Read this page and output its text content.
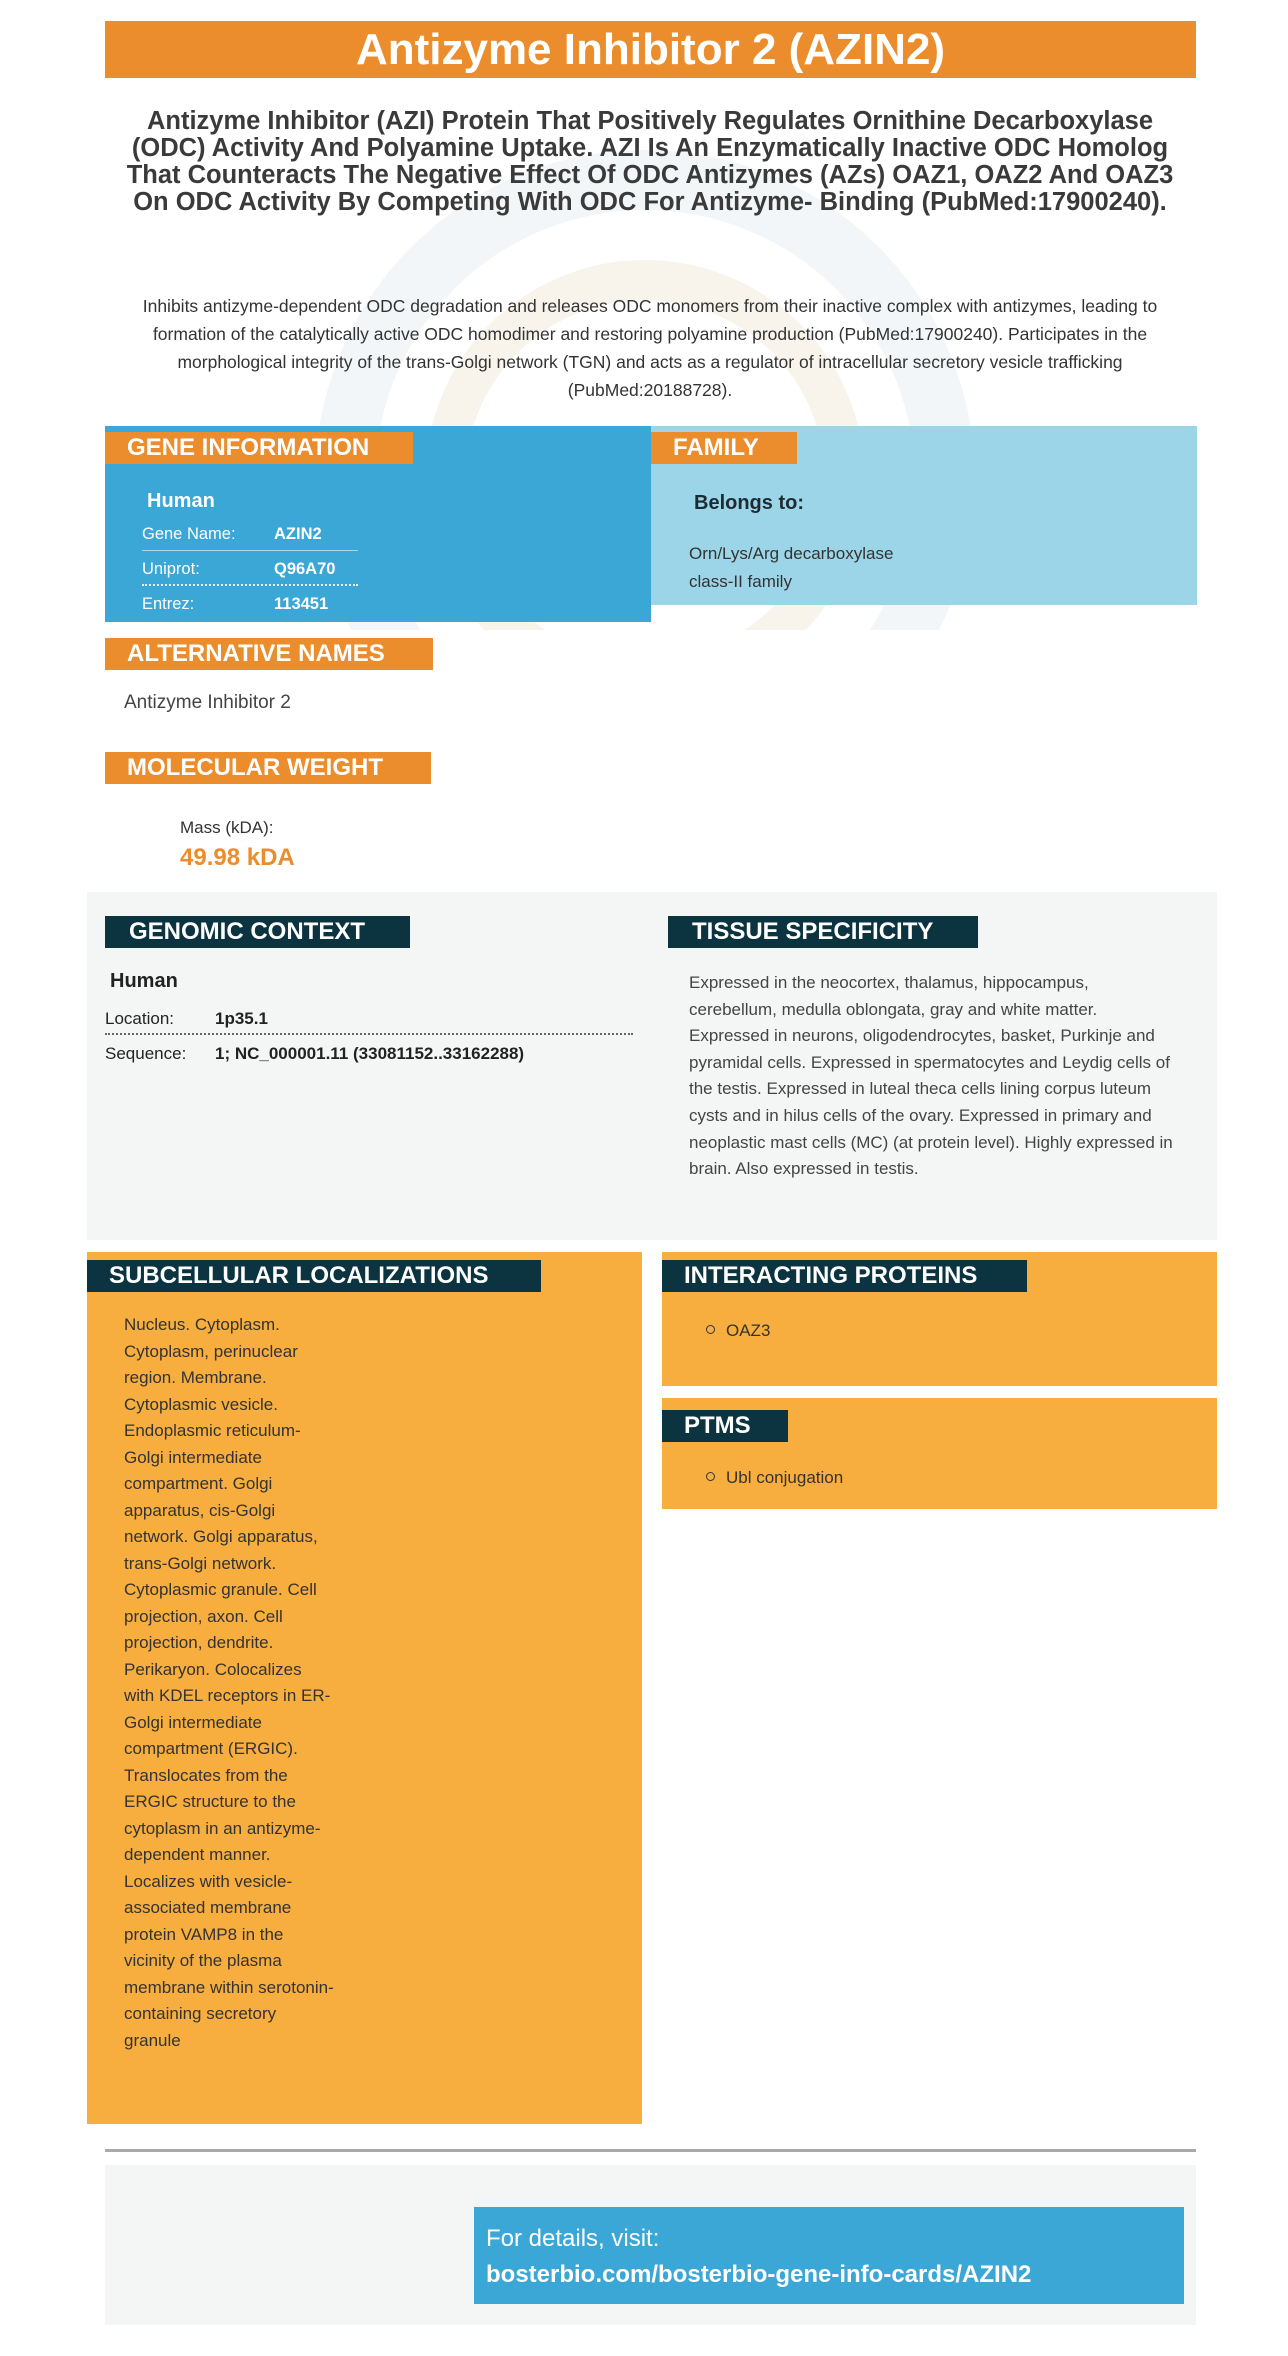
Antizyme Inhibitor 2 (AZIN2)
Antizyme Inhibitor (AZI) Protein That Positively Regulates Ornithine Decarboxylase (ODC) Activity And Polyamine Uptake. AZI Is An Enzymatically Inactive ODC Homolog That Counteracts The Negative Effect Of ODC Antizymes (AZs) OAZ1, OAZ2 And OAZ3 On ODC Activity By Competing With ODC For Antizyme- Binding (PubMed:17900240).
Inhibits antizyme-dependent ODC degradation and releases ODC monomers from their inactive complex with antizymes, leading to formation of the catalytically active ODC homodimer and restoring polyamine production (PubMed:17900240). Participates in the morphological integrity of the trans-Golgi network (TGN) and acts as a regulator of intracellular secretory vesicle trafficking (PubMed:20188728).
GENE INFORMATION
Human
Gene Name: AZIN2
Uniprot:	Q96A70
Entrez:	113451
FAMILY
Belongs to:
Orn/Lys/Arg decarboxylase class-II family
ALTERNATIVE NAMES
Antizyme Inhibitor 2
MOLECULAR WEIGHT
Mass (kDA):
49.98 kDA
GENOMIC CONTEXT
Human
Location: 1p35.1
Sequence: 1; NC_000001.11 (33081152..33162288)
TISSUE SPECIFICITY
Expressed in the neocortex, thalamus, hippocampus, cerebellum, medulla oblongata, gray and white matter. Expressed in neurons, oligodendrocytes, basket, Purkinje and pyramidal cells. Expressed in spermatocytes and Leydig cells of the testis. Expressed in luteal theca cells lining corpus luteum cysts and in hilus cells of the ovary. Expressed in primary and neoplastic mast cells (MC) (at protein level). Highly expressed in brain. Also expressed in testis.
SUBCELLULAR LOCALIZATIONS
Nucleus. Cytoplasm. Cytoplasm, perinuclear region. Membrane. Cytoplasmic vesicle. Endoplasmic reticulum-Golgi intermediate compartment. Golgi apparatus, cis-Golgi network. Golgi apparatus, trans-Golgi network. Cytoplasmic granule. Cell projection, axon. Cell projection, dendrite. Perikaryon. Colocalizes with KDEL receptors in ER-Golgi intermediate compartment (ERGIC). Translocates from the ERGIC structure to the cytoplasm in an antizyme-dependent manner. Localizes with vesicle-associated membrane protein VAMP8 in the vicinity of the plasma membrane within serotonin-containing secretory granule
INTERACTING PROTEINS
OAZ3
PTMS
Ubl conjugation
For details, visit:
bosterbio.com/bosterbio-gene-info-cards/AZIN2
